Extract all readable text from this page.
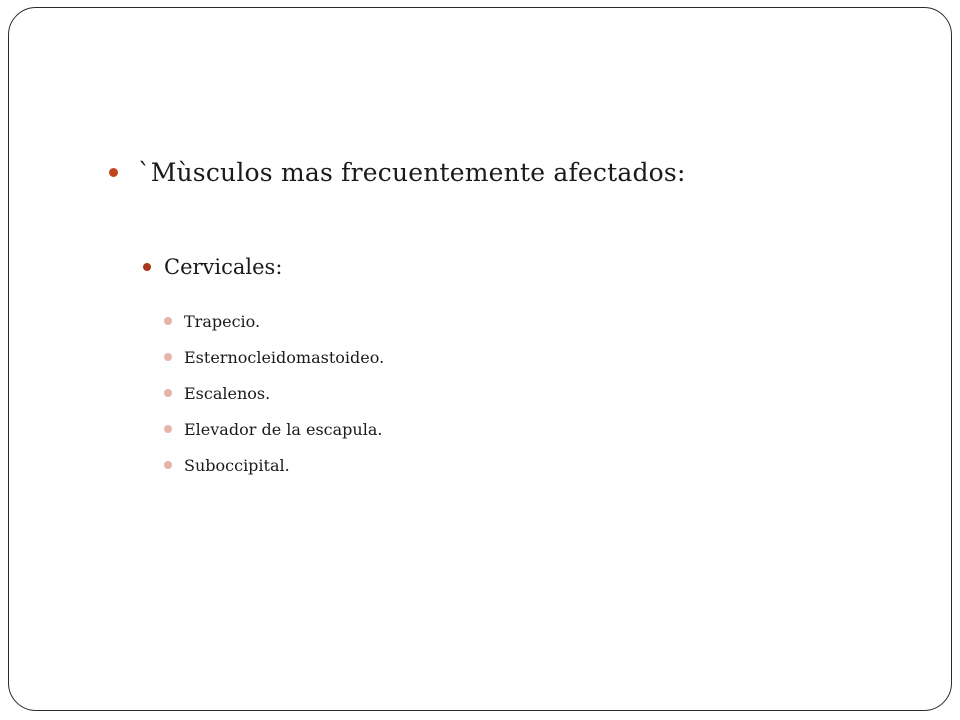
`Mùsculos mas frecuentemente afectados:
Cervicales:
Trapecio.
Esternocleidomastoideo.
Escalenos.
Elevador de la escapula.
Suboccipital.
